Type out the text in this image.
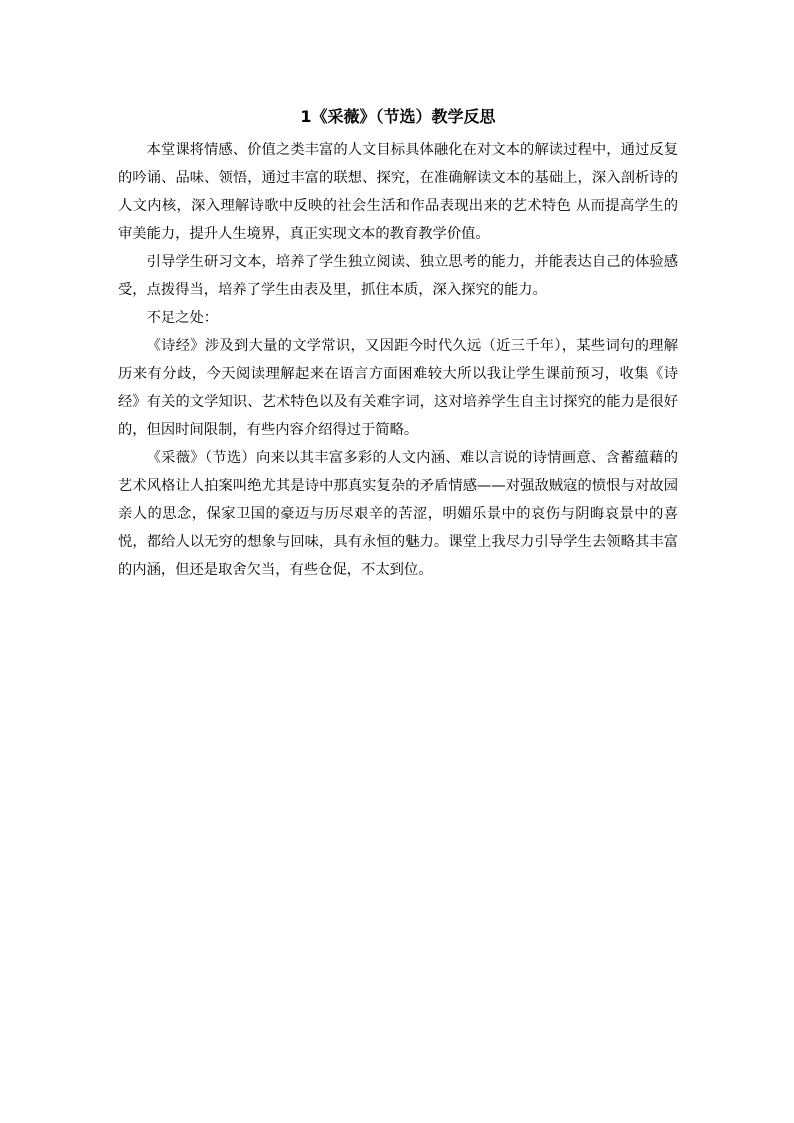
1《采薇》（节选）教学反思

本堂课将情感、价值之类丰富的人文目标具体融化在对文本的解读过程中，通过反复的吟诵、品味、领悟，通过丰富的联想、探究，在准确解读文本的基础上，深入剖析诗的人文内核，深入理解诗歌中反映的社会生活和作品表现出来的艺术特色 从而提高学生的审美能力，提升人生境界，真正实现文本的教育教学价值。

引导学生研习文本，培养了学生独立阅读、独立思考的能力，并能表达自己的体验感受，点拨得当，培养了学生由表及里，抓住本质，深入探究的能力。

不足之处：

《诗经》涉及到大量的文学常识，又因距今时代久远（近三千年），某些词句的理解历来有分歧，今天阅读理解起来在语言方面困难较大所以我让学生课前预习，收集《诗经》有关的文学知识、艺术特色以及有关难字词，这对培养学生自主讨探究的能力是很好的，但因时间限制，有些内容介绍得过于简略。

《采薇》（节选）向来以其丰富多彩的人文内涵、难以言说的诗情画意、含蓄蕴藉的艺术风格让人拍案叫绝尤其是诗中那真实复杂的矛盾情感——对强敌贼寇的愤恨与对故园亲人的思念，保家卫国的豪迈与历尽艰辛的苦涩，明媚乐景中的哀伤与阴晦哀景中的喜悦，都给人以无穷的想象与回味，具有永恒的魅力。课堂上我尽力引导学生去领略其丰富的内涵，但还是取舍欠当，有些仓促，不太到位。
